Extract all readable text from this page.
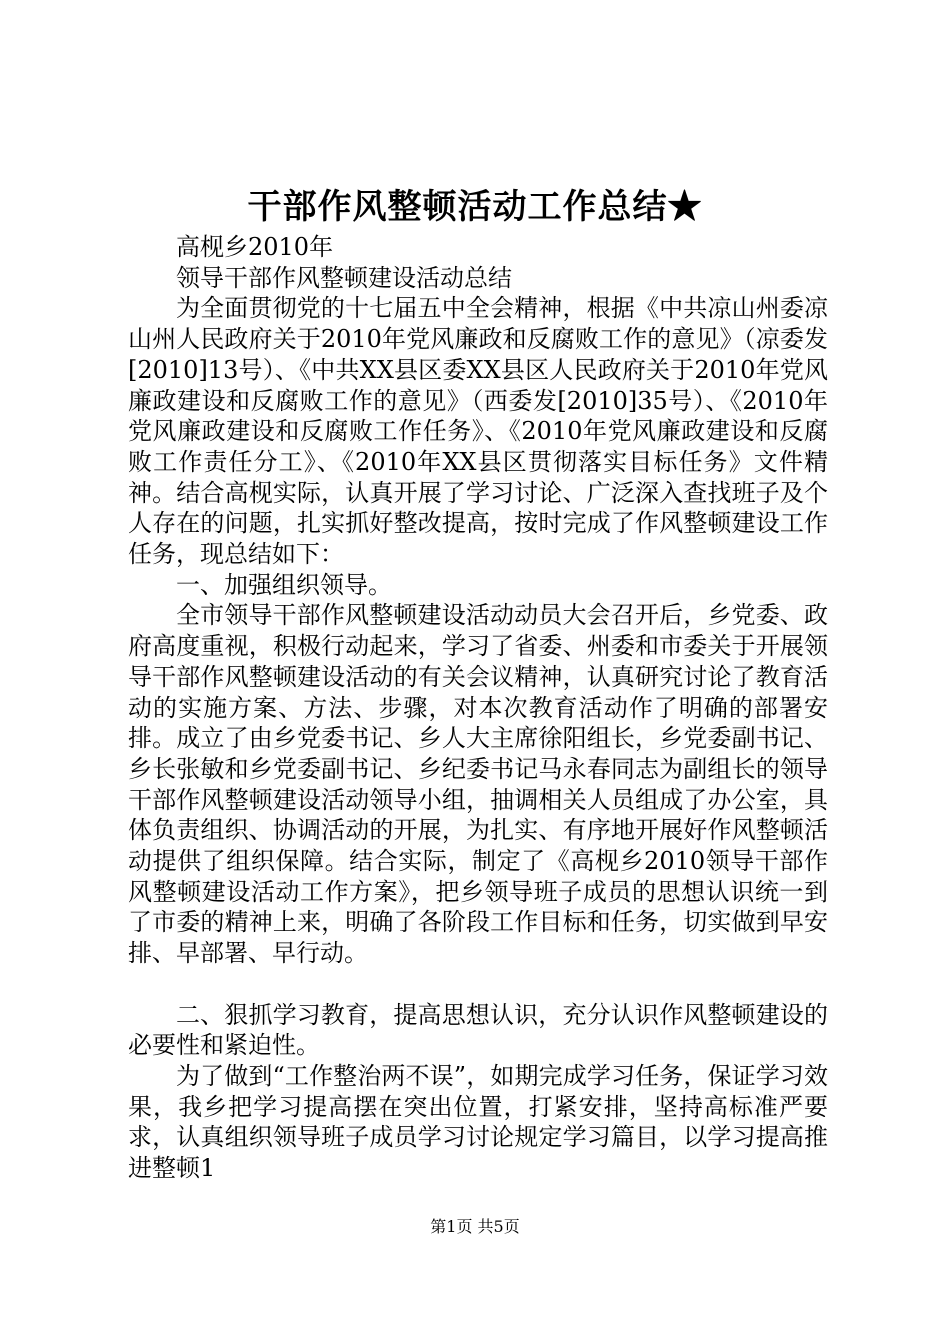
干部作风整顿活动工作总结★

高枧乡2010年

领导干部作风整顿建设活动总结

为全面贯彻党的十七届五中全会精神，根据《中共凉山州委凉山州人民政府关于2010年党风廉政和反腐败工作的意见》（凉委发[2010]13号）、《中共XX县区委XX县区人民政府关于2010年党风廉政建设和反腐败工作的意见》（西委发[2010]35号）、《2010年党风廉政建设和反腐败工作任务》、《2010年党风廉政建设和反腐败工作责任分工》、《2010年XX县区贯彻落实目标任务》文件精神。结合高枧实际，认真开展了学习讨论、广泛深入查找班子及个人存在的问题，扎实抓好整改提高，按时完成了作风整顿建设工作任务，现总结如下：

一、加强组织领导。

全市领导干部作风整顿建设活动动员大会召开后，乡党委、政府高度重视，积极行动起来，学习了省委、州委和市委关于开展领导干部作风整顿建设活动的有关会议精神，认真研究讨论了教育活动的实施方案、方法、步骤，对本次教育活动作了明确的部署安排。成立了由乡党委书记、乡人大主席徐阳组长，乡党委副书记、乡长张敏和乡党委副书记、乡纪委书记马永春同志为副组长的领导干部作风整顿建设活动领导小组，抽调相关人员组成了办公室，具体负责组织、协调活动的开展，为扎实、有序地开展好作风整顿活动提供了组织保障。结合实际，制定了《高枧乡2010领导干部作风整顿建设活动工作方案》，把乡领导班子成员的思想认识统一到了市委的精神上来，明确了各阶段工作目标和任务，切实做到早安排、早部署、早行动。

二、狠抓学习教育，提高思想认识，充分认识作风整顿建设的必要性和紧迫性。

为了做到“工作整治两不误”，如期完成学习任务，保证学习效果，我乡把学习提高摆在突出位置，打紧安排，坚持高标准严要求，认真组织领导班子成员学习讨论规定学习篇目，以学习提高推进整顿1

第1页 共5页
